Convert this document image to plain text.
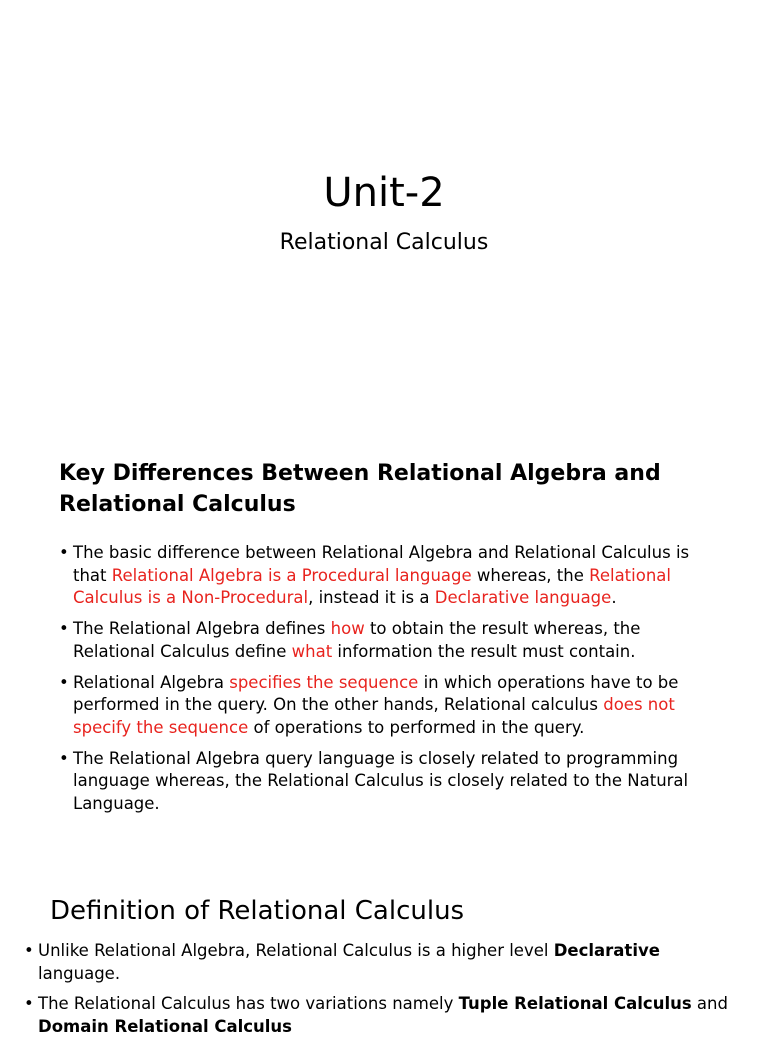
Unit-2
Relational Calculus
Key Differences Between Relational Algebra and
Relational Calculus
• The basic difference between Relational Algebra and Relational Calculus is that Relational Algebra is a Procedural language whereas, the Relational Calculus is a Non-Procedural, instead it is a Declarative language.
• The Relational Algebra defines how to obtain the result whereas, the Relational Calculus define what information the result must contain.
• Relational Algebra specifies the sequence in which operations have to be performed in the query. On the other hands, Relational calculus does not specify the sequence of operations to performed in the query.
• The Relational Algebra query language is closely related to programming language whereas, the Relational Calculus is closely related to the Natural Language.
Definition of Relational Calculus
• Unlike Relational Algebra, Relational Calculus is a higher level Declarative language.
• The Relational Calculus has two variations namely Tuple Relational Calculus and Domain Relational Calculus
